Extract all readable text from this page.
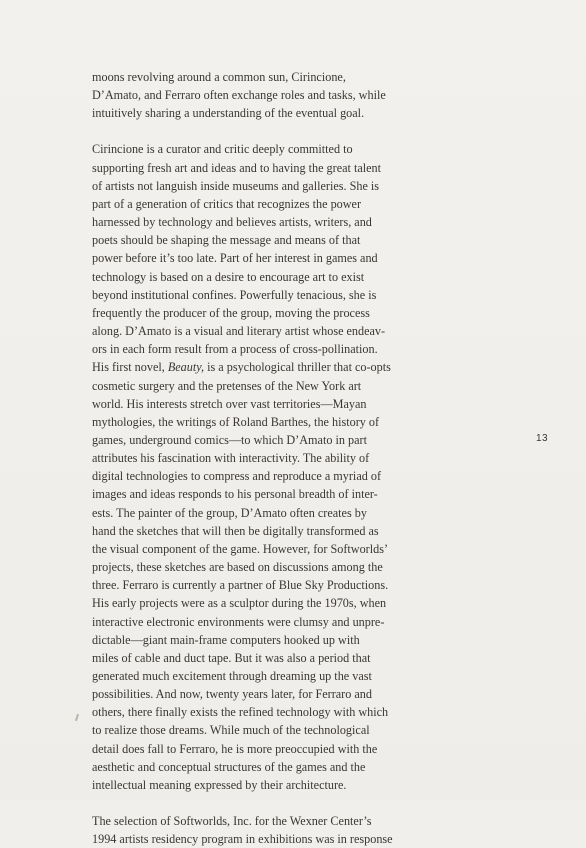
moons revolving around a common sun, Cirincione,
D’Amato, and Ferraro often exchange roles and tasks, while
intuitively sharing a understanding of the eventual goal.

Cirincione is a curator and critic deeply committed to
supporting fresh art and ideas and to having the great talent
of artists not languish inside museums and galleries. She is
part of a generation of critics that recognizes the power
harnessed by technology and believes artists, writers, and
poets should be shaping the message and means of that
power before it’s too late. Part of her interest in games and
technology is based on a desire to encourage art to exist
beyond institutional confines. Powerfully tenacious, she is
frequently the producer of the group, moving the process
along. D’Amato is a visual and literary artist whose endeav-
ors in each form result from a process of cross-pollination.
His first novel, Beauty, is a psychological thriller that co-opts
cosmetic surgery and the pretenses of the New York art
world. His interests stretch over vast territories—Mayan
mythologies, the writings of Roland Barthes, the history of
games, underground comics—to which D’Amato in part
attributes his fascination with interactivity. The ability of
digital technologies to compress and reproduce a myriad of
images and ideas responds to his personal breadth of inter-
ests. The painter of the group, D’Amato often creates by
hand the sketches that will then be digitally transformed as
the visual component of the game. However, for Softworlds’
projects, these sketches are based on discussions among the
three. Ferraro is currently a partner of Blue Sky Productions.
His early projects were as a sculptor during the 1970s, when
interactive electronic environments were clumsy and unpre-
dictable—giant main-frame computers hooked up with
miles of cable and duct tape. But it was also a period that
generated much excitement through dreaming up the vast
possibilities. And now, twenty years later, for Ferraro and
others, there finally exists the refined technology with which
to realize those dreams. While much of the technological
detail does fall to Ferraro, he is more preoccupied with the
aesthetic and conceptual structures of the games and the
intellectual meaning expressed by their architecture.

The selection of Softworlds, Inc. for the Wexner Center’s
1994 artists residency program in exhibitions was in response

13
